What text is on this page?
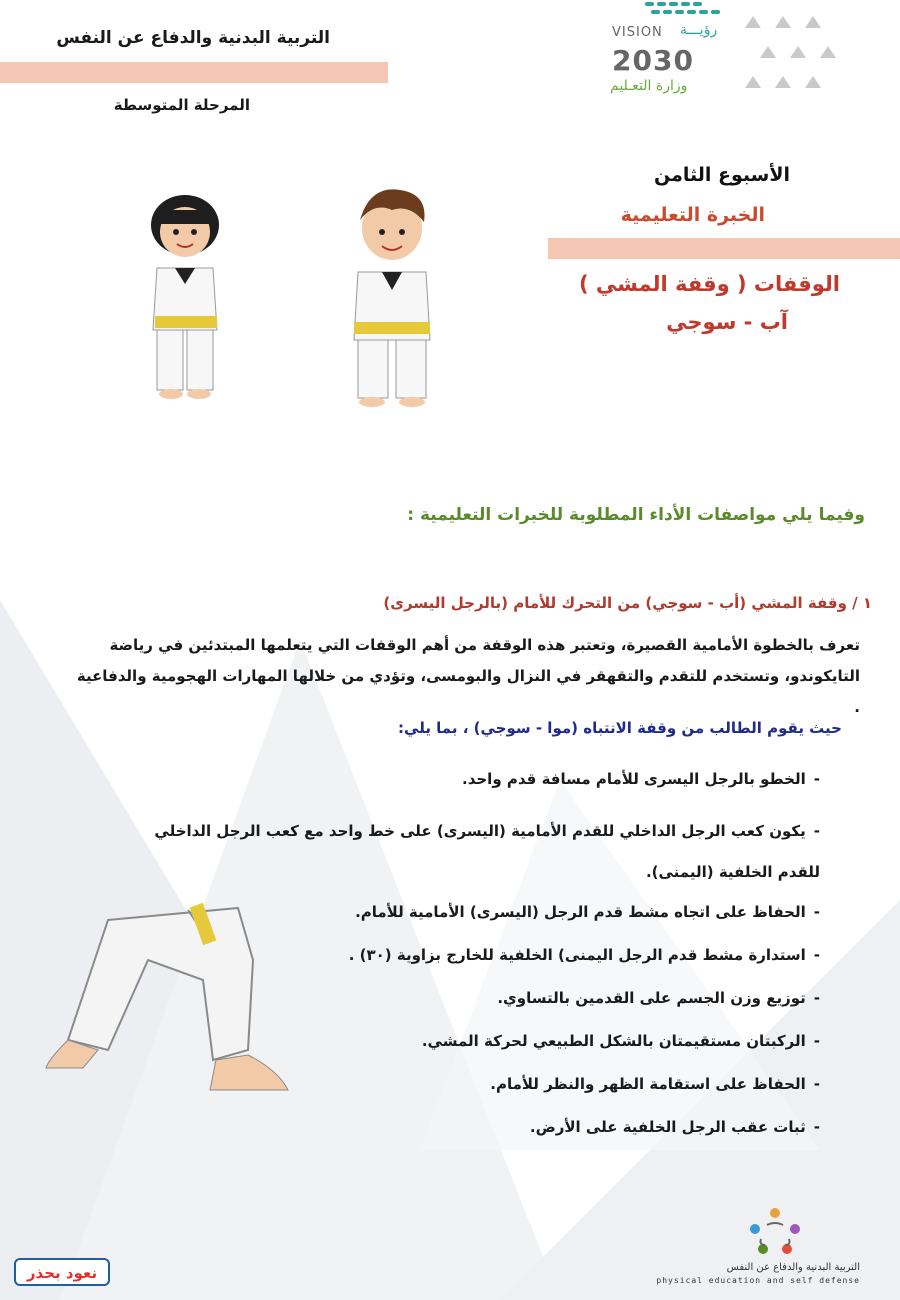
التربية البدنية والدفاع عن النفس
المرحلة المتوسطة
VISION رؤيـــة
2030
وزارة التعـليم
الأسبوع الثامن
الخبرة التعليمية
الوقفات ( وقفة المشي )
آب - سوجي
وفيما يلي مواصفات الأداء المطلوبة للخبرات التعليمية :
١ / وقفة المشي (أب - سوجي) من التحرك للأمام (بالرجل اليسرى)
تعرف بالخطوة الأمامية القصيرة، وتعتبر هذه الوقفة من أهم الوقفات التي يتعلمها المبتدئين في رياضة التايكوندو، وتستخدم للتقدم والتقهقر في النزال والبومسى، وتؤدي من خلالها المهارات الهجومية والدفاعية .
حيث يقوم الطالب من وقفة الانتباه (موا - سوجي) ، بما يلي:
-الخطو بالرجل اليسرى للأمام مسافة قدم واحد.
-يكون كعب الرجل الداخلي للقدم الأمامية (اليسرى) على خط واحد مع كعب الرجل الداخلي للقدم الخلفية (اليمنى).
-الحفاظ على اتجاه مشط قدم الرجل (اليسرى) الأمامية للأمام.
-استدارة مشط قدم الرجل اليمنى) الخلفية للخارج بزاوية (٣٠) .
-توزيع وزن الجسم على القدمين بالتساوي.
-الركبتان مستقيمتان بالشكل الطبيعي لحركة المشي.
-الحفاظ على استقامة الظهر والنظر للأمام.
-ثبات عقب الرجل الخلفية على الأرض.
نعود بحذر	التربية البدنية والدفاع عن النفس
physical education and self defense
